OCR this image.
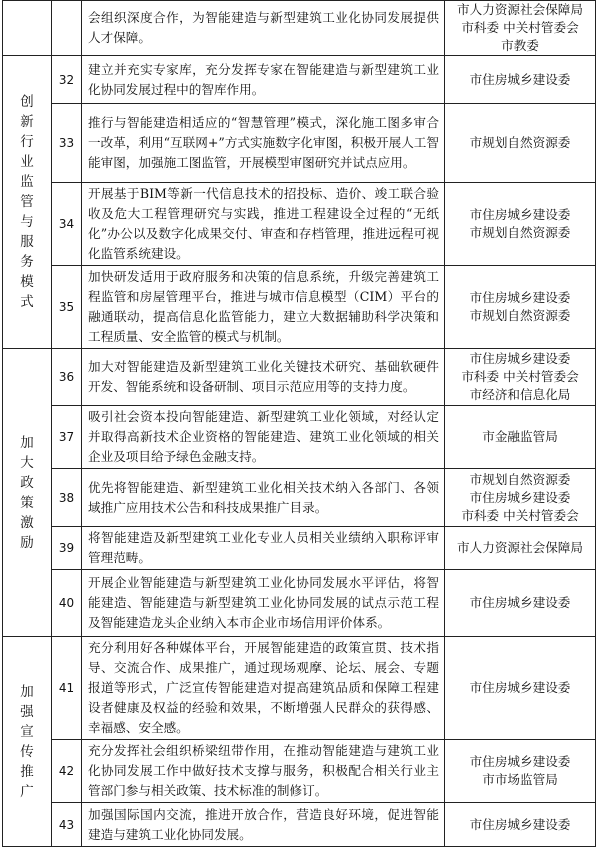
		会组织深度合作，为智能建造与新型建筑工业化协同发展提供人才保障。	市人力资源社会保障局
市科委 中关村管委会
市教委

创新行业监管与服务模式	32	建立并充实专家库，充分发挥专家在智能建造与新型建筑工业化协同发展过程中的智库作用。	市住房城乡建设委

	33	推行与智能建造相适应的“智慧管理”模式，深化施工图多审合一改革，利用“互联网+”方式实施数字化审图，积极开展人工智能审图，加强施工图监管，开展模型审图研究并试点应用。	市规划自然资源委

	34	开展基于BIM等新一代信息技术的招投标、造价、竣工联合验收及危大工程管理研究与实践，推进工程建设全过程的“无纸化”办公以及数字化成果交付、审查和存档管理，推进远程可视化监管系统建设。	市住房城乡建设委
市规划自然资源委

	35	加快研发适用于政府服务和决策的信息系统，升级完善建筑工程监管和房屋管理平台，推进与城市信息模型（CIM）平台的融通联动，提高信息化监管能力，建立大数据辅助科学决策和工程质量、安全监管的模式与机制。	市住房城乡建设委
市规划自然资源委

加大政策激励	36	加大对智能建造及新型建筑工业化关键技术研究、基础软硬件开发、智能系统和设备研制、项目示范应用等的支持力度。	市住房城乡建设委
市科委 中关村管委会
市经济和信息化局

	37	吸引社会资本投向智能建造、新型建筑工业化领域，对经认定并取得高新技术企业资格的智能建造、建筑工业化领域的相关企业及项目给予绿色金融支持。	市金融监管局

	38	优先将智能建造、新型建筑工业化相关技术纳入各部门、各领域推广应用技术公告和科技成果推广目录。	市规划自然资源委
市住房城乡建设委
市科委 中关村管委会

	39	将智能建造及新型建筑工业化专业人员相关业绩纳入职称评审管理范畴。	市人力资源社会保障局

	40	开展企业智能建造与新型建筑工业化协同发展水平评估，将智能建造、智能建造与新型建筑工业化协同发展的试点示范工程及智能建造龙头企业纳入本市企业市场信用评价体系。	市住房城乡建设委

加强宣传推广	41	充分利用好各种媒体平台，开展智能建造的政策宣贯、技术指导、交流合作、成果推广，通过现场观摩、论坛、展会、专题报道等形式，广泛宣传智能建造对提高建筑品质和保障工程建设者健康及权益的经验和效果，不断增强人民群众的获得感、幸福感、安全感。	市住房城乡建设委

	42	充分发挥社会组织桥梁纽带作用，在推动智能建造与建筑工业化协同发展工作中做好技术支撑与服务，积极配合相关行业主管部门参与相关政策、技术标准的制修订。	市住房城乡建设委
市市场监管局

	43	加强国际国内交流，推进开放合作，营造良好环境，促进智能建造与建筑工业化协同发展。	市住房城乡建设委
